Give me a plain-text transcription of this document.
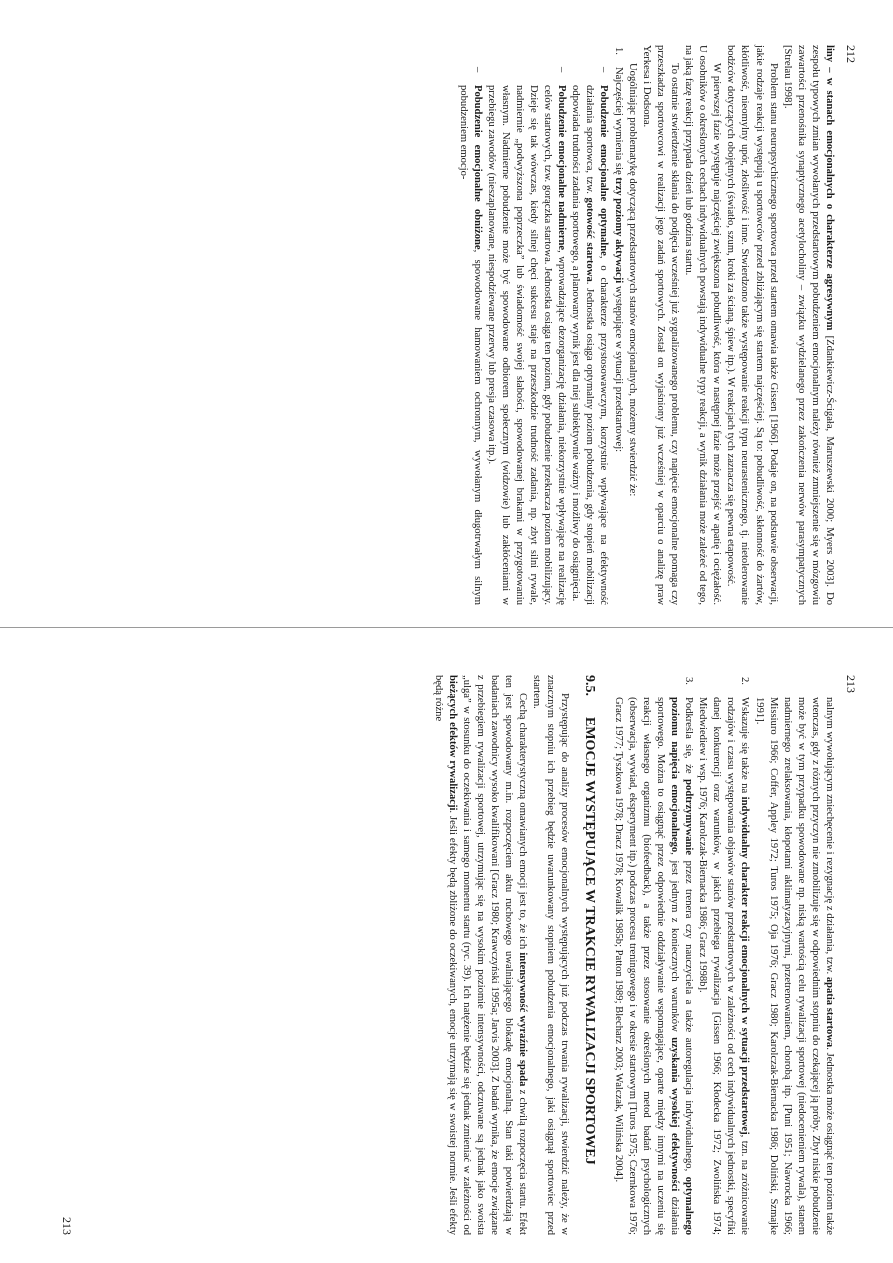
212

liny – w stanach emocjonalnych o charakterze agresywnym [Zdankiewicz-Ścigała, Maruszewski 2000; Myers 2003]. Do zespołu typowych zmian wywołanych przedstartowym pobudzeniem emocjonalnym należy również zmniejszenie się w mózgowiu zawartości przenośnika synaptycznego acetylocholiny – związku wydzielanego przez zakończenia nerwów parasympatycznych [Strelau 1998].

Problem stanu neuropsychicznego sportowca przed startem omawia także Gissen [1966]. Podaje on, na podstawie obserwacji, jakie rodzaje reakcji występują u sportowców przed zbliżającym się startem najczęściej. Są to: pobudliwość, skłonność do żartów, kłótliwość, nieomylny upór, złośliwość i inne. Stwierdzono także występowanie reakcji typu neurastenicznego, tj. nietolerowanie bodźców dotyczących obojętnych (światło, szum, kroki za ścianą, śpiew itp.). W reakcjach tych zaznacza się pewna etapowość.

W pierwszej fazie występuje najczęściej zwiększona pobudliwość, która w następnej fazie może przejść w apatię i ociężałość. U osobników o określonych cechach indywidualnych powstają indywidualne typy reakcji, a wynik działania może zależeć od tego, na jaką fazę reakcji przypada dzień lub godzina startu.

To ostatnie stwierdzenie skłania do podjęcia wcześniej już sygnalizowanego problemu, czy napięcie emocjonalne pomaga czy przeszkadza sportowcowi w realizacji jego zadań sportowych. Został on wyjaśniony już wcześniej w oparciu o analizę praw Yerkesa i Dodsona.

Uogólniając problematykę dotyczącą przedstartowych stanów emocjonalnych, możemy stwierdzić że:

1.
Najczęściej wymienia się trzy poziomy aktywacji występujące w sytuacji przedstartowej:

–
Pobudzenie emocjonalne optymalne, o charakterze przystosowawczym, korzystnie wpływające na efektywność działania sportowca, tzw. gotowość startowa. Jednostka osiąga optymalny poziom pobudzenia, gdy stopień mobilizacji odpowiada trudności zadania sportowego, a planowany wynik jest dla niej subiektywnie ważny i możliwy do osiągnięcia.

–
Pobudzenie emocjonalne nadmierne, wprowadzające dezorganizację działania, niekorzystnie wpływające na realizację celów startowych, tzw. gorączka startowa. Jednostka osiąga ten poziom, gdy pobudzenie przekracza poziom mobilizujący. Dzieje się tak wówczas, kiedy silnej chęci sukcesu staje na przeszkodzie trudność zadania, np. zbyt silni rywale, nadmiernie „podwyższona poprzeczka” lub świadomość swojej słabości, spowodowanej brakami w przygotowaniu własnym. Nadmierne pobudzenie może być spowodowane odbiorem społecznym (widzowie) lub zakłóceniami w przebiegu zawodów (nieszaplanowane, niespodziewane przerwy lub presja czasowa itp.).

–
Pobudzenie emocjonalne obniżone, spowodowane hamowaniem ochronnym, wywołanym długotrwałym silnym pobudzeniem emocjo-

213

nalnym wywołującym zniechęcenie i rezygnację z działania, tzw. apatia startowa. Jednostka może osiągnąć ten poziom także wtenczas, gdy z różnych przyczyn nie zmobilizuje się w odpowiednim stopniu do czekającej ją próby. Zbyt niskie pobudzenie może być w tym przypadku spowodowane np. niską wartością celu rywalizacji sportowej (niedocenieniem rywala), stanem nadmiernego zrelaksowania, kłopotami aklimatyzacyjnymi, przetrenowaniem, chorobą itp. [Puni 1951; Nawrocka 1966; Missiuro 1966; Coffer, Appley 1972; Turos 1975; Oja 1976; Gracz 1980; Karolczak-Biernacka 1986; Doliński, Szmajke 1991].

2.
Wskazuje się także na indywidualny charakter reakcji emocjonalnych w sytuacji przedstartowej, tzn. na zróżnicowanie rodzajów i czasu występowania objawów stanów przedstartowych w zależności od cech indywidualnych jednostki, specyfiki danej konkurencji oraz warunków, w jakich przebiega rywalizacja [Gissen 1966; Kłodecka 1972; Zwolińska 1974; Miedwiediew i wsp. 1976; Karolczak-Biernacka 1986; Gracz 1998b].

3.
Podkreśla się, że podtrzymywanie przez trenera czy nauczyciela a także autoregulacja indywidualnego, optymalnego poziomu napięcia emocjonalnego, jest jednym z koniecznych warunków uzyskania wysokiej efektywności działania sportowego. Można to osiągnąć przez odpowiednie oddziaływanie wspomagające, oparte między innymi na uczeniu się reakcji własnego organizmu (biofeedback), a także przez stosowanie określonych metod badań psychologicznych (obserwacja, wywiad, eksperyment itp.) podczas procesu treningowego i w okresie startowym [Turos 1975; Czernkowa 1976; Gracz 1977; Tyszkowa 1978; Dracz 1978; Kowalik 1985b; Patton 1989; Blecharz 2003; Walczak, Wilińska 2004].

9.5.
EMOCJE WYSTĘPUJĄCE W TRAKCIE RYWALIZACJI SPORTOWEJ

Przystępując do analizy procesów emocjonalnych występujących już podczas trwania rywalizacji, stwierdzić należy, że w znacznym stopniu ich przebieg będzie uwarunkowany stopniem pobudzenia emocjonalnego, jaki osiągnął sportowiec przed startem.

Cechą charakterystyczną omawianych emocji jest to, że ich intensywność wyraźnie spada z chwilą rozpoczęcia startu. Efekt ten jest spowodowany m.in. rozpoczęciem aktu ruchowego uwalniającego blokadę emocjonalną. Stan taki potwierdzają w badaniach zawodnicy wysoko kwalifikowani [Gracz 1980; Krawczyński 1995a; Jarvis 2003]. Z badań wynika, że emocje związane z przebiegiem rywalizacji sportowej, utrzymując się na wysokim poziomie intensywności, odczuwane są jednak jako swoista „ulga” w stosunku do oczekiwania i samego momentu startu (ryc. 39). Ich natężenie będzie się jednak zmieniać w zależności od bieżących efektów rywalizacji. Jeśli efekty będą zbliżone do oczekiwanych, emocje utrzymają się w swoistej normie. Jeśli efekty będą różne

213
